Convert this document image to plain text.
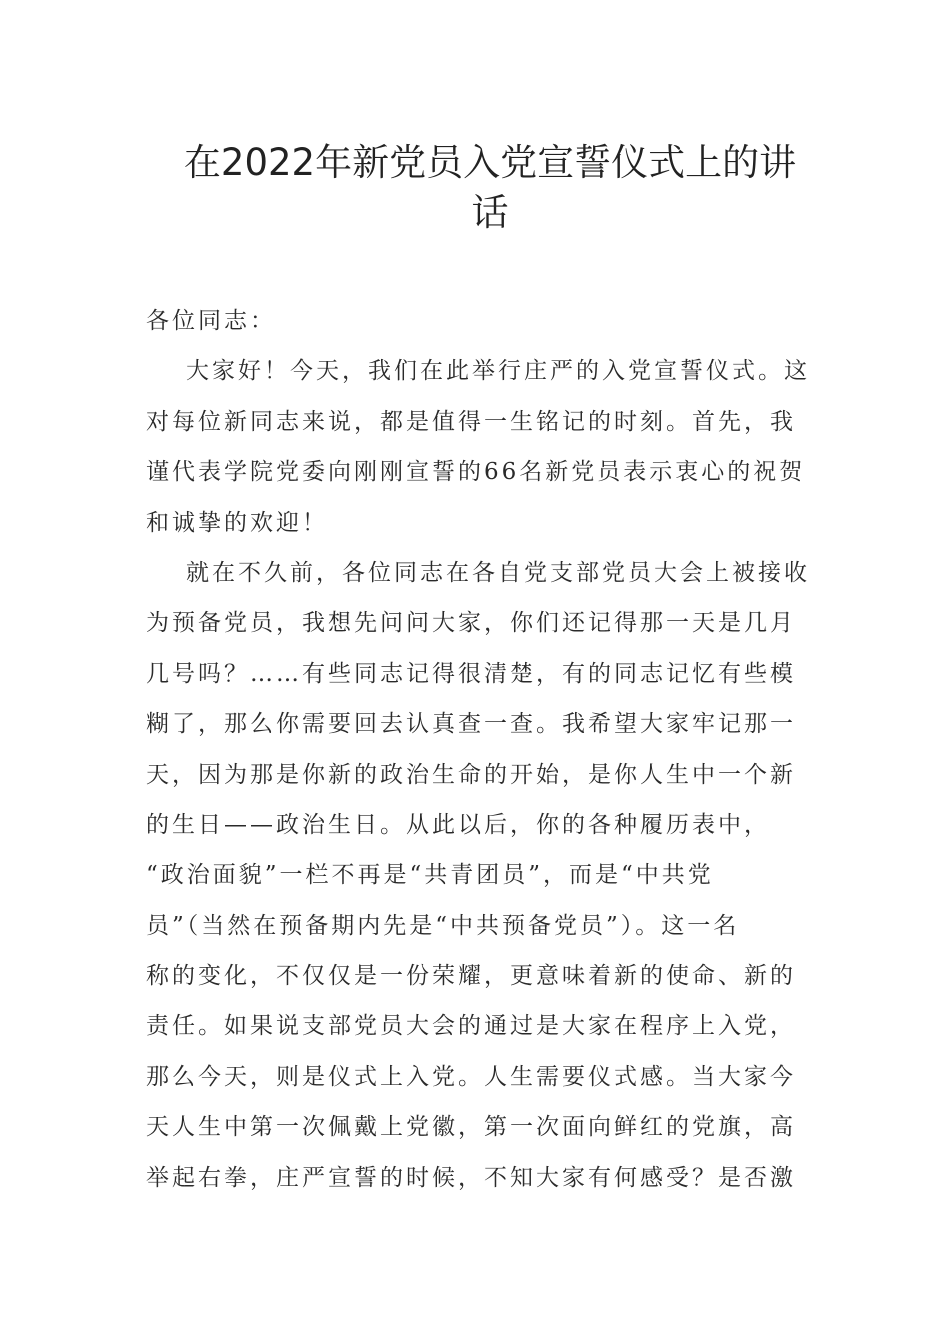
在2022年新党员入党宣誓仪式上的讲
话
各位同志：
大家好！今天，我们在此举行庄严的入党宣誓仪式。这
对每位新同志来说，都是值得一生铭记的时刻。首先，我
谨代表学院党委向刚刚宣誓的66名新党员表示衷心的祝贺
和诚挚的欢迎！
就在不久前，各位同志在各自党支部党员大会上被接收
为预备党员，我想先问问大家，你们还记得那一天是几月
几号吗？……有些同志记得很清楚，有的同志记忆有些模
糊了，那么你需要回去认真查一查。我希望大家牢记那一
天，因为那是你新的政治生命的开始，是你人生中一个新
的生日——政治生日。从此以后，你的各种履历表中，
“政治面貌”一栏不再是“共青团员”，而是“中共党
员”（当然在预备期内先是“中共预备党员”）。这一名
称的变化，不仅仅是一份荣耀，更意味着新的使命、新的
责任。如果说支部党员大会的通过是大家在程序上入党，
那么今天，则是仪式上入党。人生需要仪式感。当大家今
天人生中第一次佩戴上党徽，第一次面向鲜红的党旗，高
举起右拳，庄严宣誓的时候，不知大家有何感受？是否激
